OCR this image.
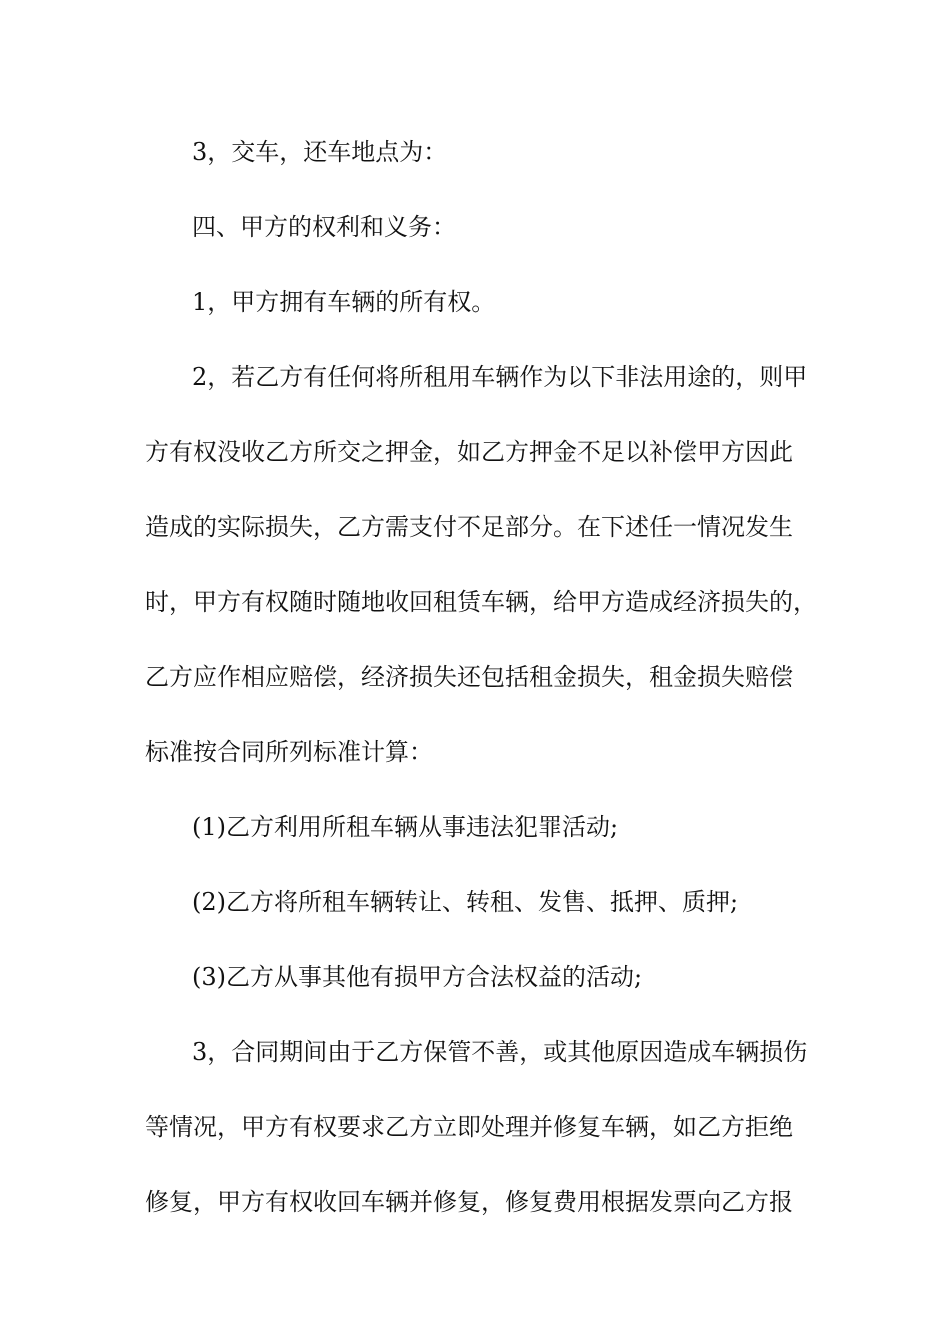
3，交车，还车地点为：
四、甲方的权利和义务：
1，甲方拥有车辆的所有权。
2，若乙方有任何将所租用车辆作为以下非法用途的，则甲
方有权没收乙方所交之押金，如乙方押金不足以补偿甲方因此
造成的实际损失，乙方需支付不足部分。在下述任一情况发生
时，甲方有权随时随地收回租赁车辆，给甲方造成经济损失的，
乙方应作相应赔偿，经济损失还包括租金损失，租金损失赔偿
标准按合同所列标准计算：
(1)乙方利用所租车辆从事违法犯罪活动;
(2)乙方将所租车辆转让、转租、发售、抵押、质押;
(3)乙方从事其他有损甲方合法权益的活动;
3，合同期间由于乙方保管不善，或其他原因造成车辆损伤
等情况，甲方有权要求乙方立即处理并修复车辆，如乙方拒绝
修复，甲方有权收回车辆并修复，修复费用根据发票向乙方报
